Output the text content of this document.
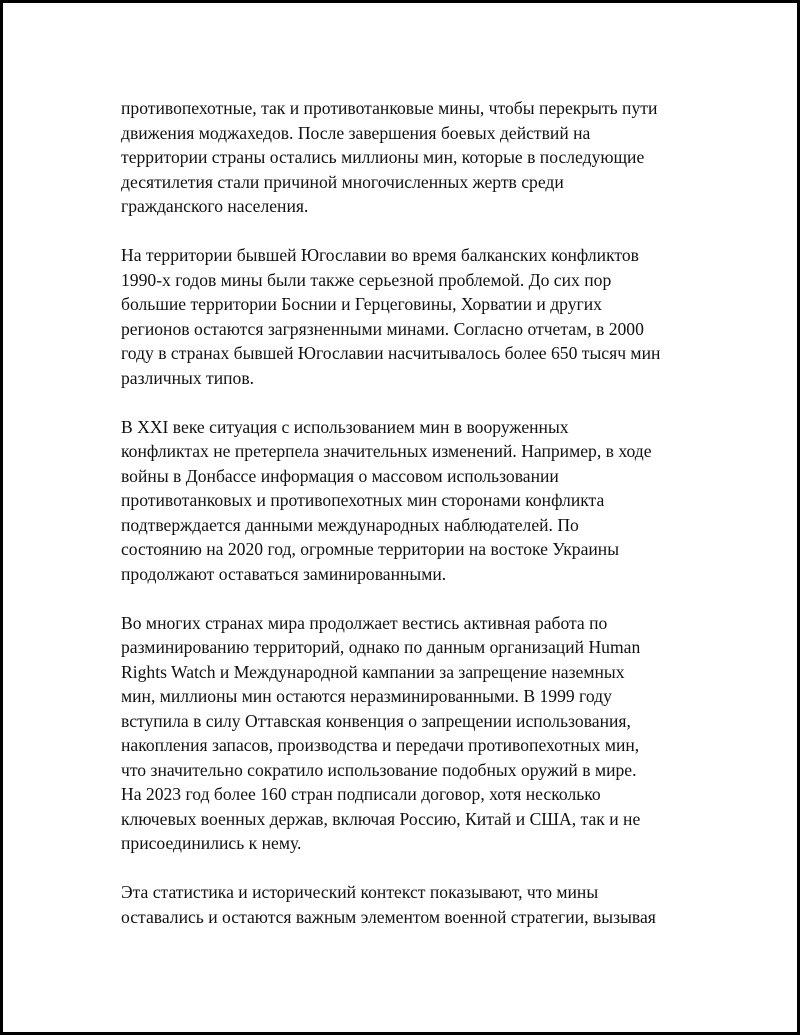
противопехотные, так и противотанковые мины, чтобы перекрыть пути
движения моджахедов. После завершения боевых действий на
территории страны остались миллионы мин, которые в последующие
десятилетия стали причиной многочисленных жертв среди
гражданского населения.

На территории бывшей Югославии во время балканских конфликтов
1990-х годов мины были также серьезной проблемой. До сих пор
большие территории Боснии и Герцеговины, Хорватии и других
регионов остаются загрязненными минами. Согласно отчетам, в 2000
году в странах бывшей Югославии насчитывалось более 650 тысяч мин
различных типов.

В XXI веке ситуация с использованием мин в вооруженных
конфликтах не претерпела значительных изменений. Например, в ходе
войны в Донбассе информация о массовом использовании
противотанковых и противопехотных мин сторонами конфликта
подтверждается данными международных наблюдателей. По
состоянию на 2020 год, огромные территории на востоке Украины
продолжают оставаться заминированными.

Во многих странах мира продолжает вестись активная работа по
разминированию территорий, однако по данным организаций Human
Rights Watch и Международной кампании за запрещение наземных
мин, миллионы мин остаются неразминированными. В 1999 году
вступила в силу Оттавская конвенция о запрещении использования,
накопления запасов, производства и передачи противопехотных мин,
что значительно сократило использование подобных оружий в мире.
На 2023 год более 160 стран подписали договор, хотя несколько
ключевых военных держав, включая Россию, Китай и США, так и не
присоединились к нему.

Эта статистика и исторический контекст показывают, что мины
оставались и остаются важным элементом военной стратегии, вызывая
